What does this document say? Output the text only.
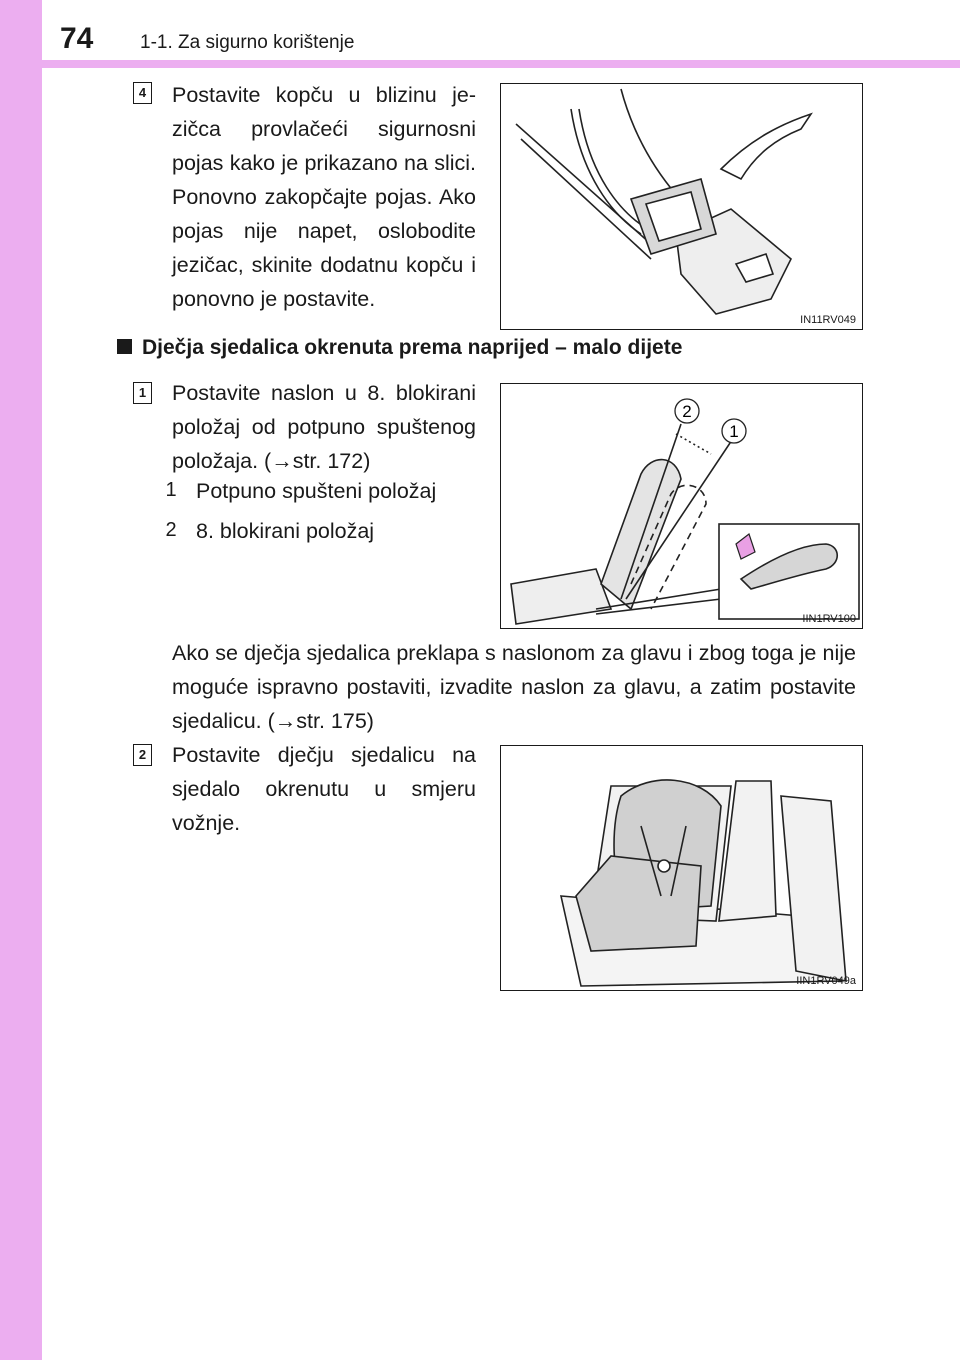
74 1-1. Za sigurno korištenje
4 Postavite kopču u blizinu jezičca provlačeći sigurnosni pojas kako je prikazano na slici. Ponovno zakopčajte pojas. Ako pojas nije napet, oslobodite jezičac, skinite dodatnu kopču i ponovno je postavite.
IN11RV049
Dječja sjedalica okrenuta prema naprijed – malo dijete
1 Postavite naslon u 8. blokirani položaj od potpuno spuštenog položaja. (→str. 172)
1 Potpuno spušteni položaj
2 8. blokirani položaj
2
1
IIN1RV100
Ako se dječja sjedalica preklapa s naslonom za glavu i zbog toga je nije moguće ispravno postaviti, izvadite naslon za glavu, a zatim postavite sjedalicu. (→str. 175)
2 Postavite dječju sjedalicu na sjedalo okrenutu u smjeru vožnje.
IIN1RV049a
